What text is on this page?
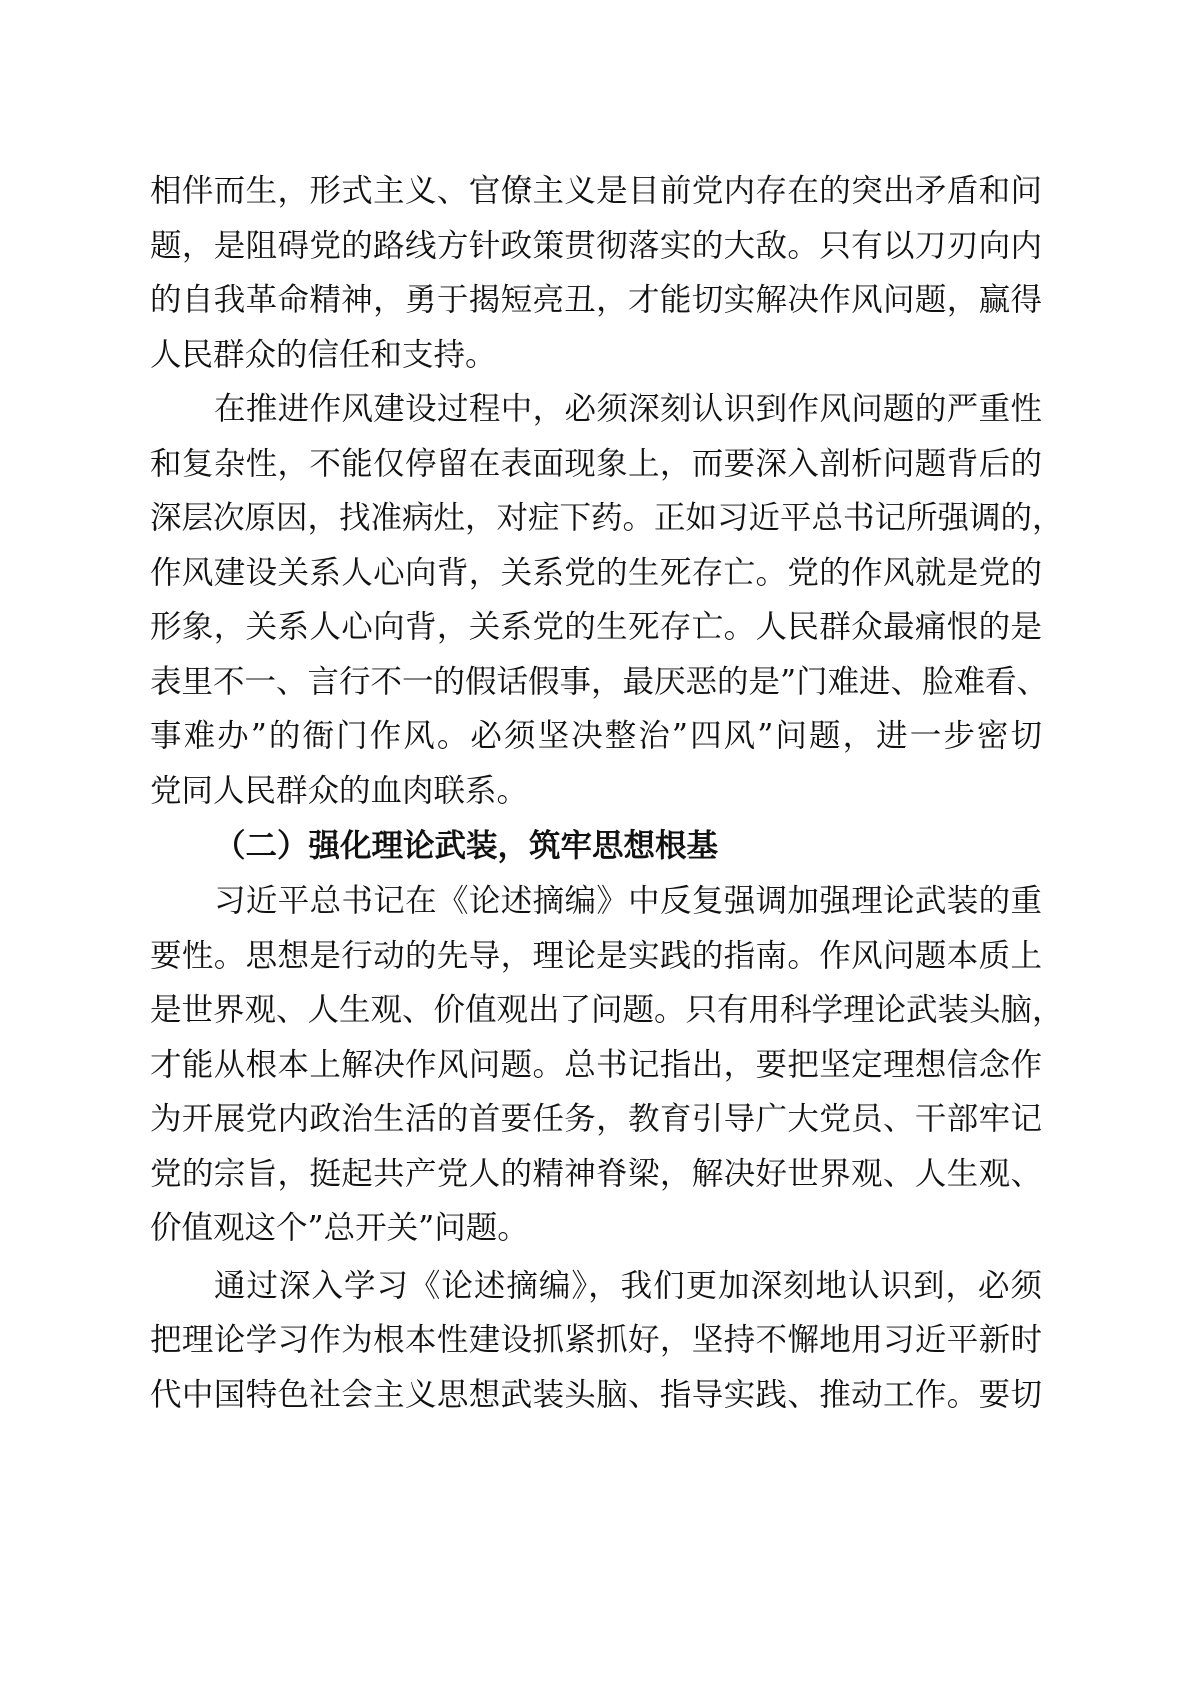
相伴而生，形式主义、官僚主义是目前党内存在的突出矛盾和问
题，是阻碍党的路线方针政策贯彻落实的大敌。只有以刀刃向内
的自我革命精神，勇于揭短亮丑，才能切实解决作风问题，赢得
人民群众的信任和支持。
在推进作风建设过程中，必须深刻认识到作风问题的严重性
和复杂性，不能仅停留在表面现象上，而要深入剖析问题背后的
深层次原因，找准病灶，对症下药。正如习近平总书记所强调的，
作风建设关系人心向背，关系党的生死存亡。党的作风就是党的
形象，关系人心向背，关系党的生死存亡。人民群众最痛恨的是
表里不一、言行不一的假话假事，最厌恶的是”门难进、脸难看、
事难办”的衙门作风。必须坚决整治”四风”问题，进一步密切
党同人民群众的血肉联系。
（二）强化理论武装，筑牢思想根基
习近平总书记在《论述摘编》中反复强调加强理论武装的重
要性。思想是行动的先导，理论是实践的指南。作风问题本质上
是世界观、人生观、价值观出了问题。只有用科学理论武装头脑，
才能从根本上解决作风问题。总书记指出，要把坚定理想信念作
为开展党内政治生活的首要任务，教育引导广大党员、干部牢记
党的宗旨，挺起共产党人的精神脊梁，解决好世界观、人生观、
价值观这个”总开关”问题。
通过深入学习《论述摘编》，我们更加深刻地认识到，必须
把理论学习作为根本性建设抓紧抓好，坚持不懈地用习近平新时
代中国特色社会主义思想武装头脑、指导实践、推动工作。要切
